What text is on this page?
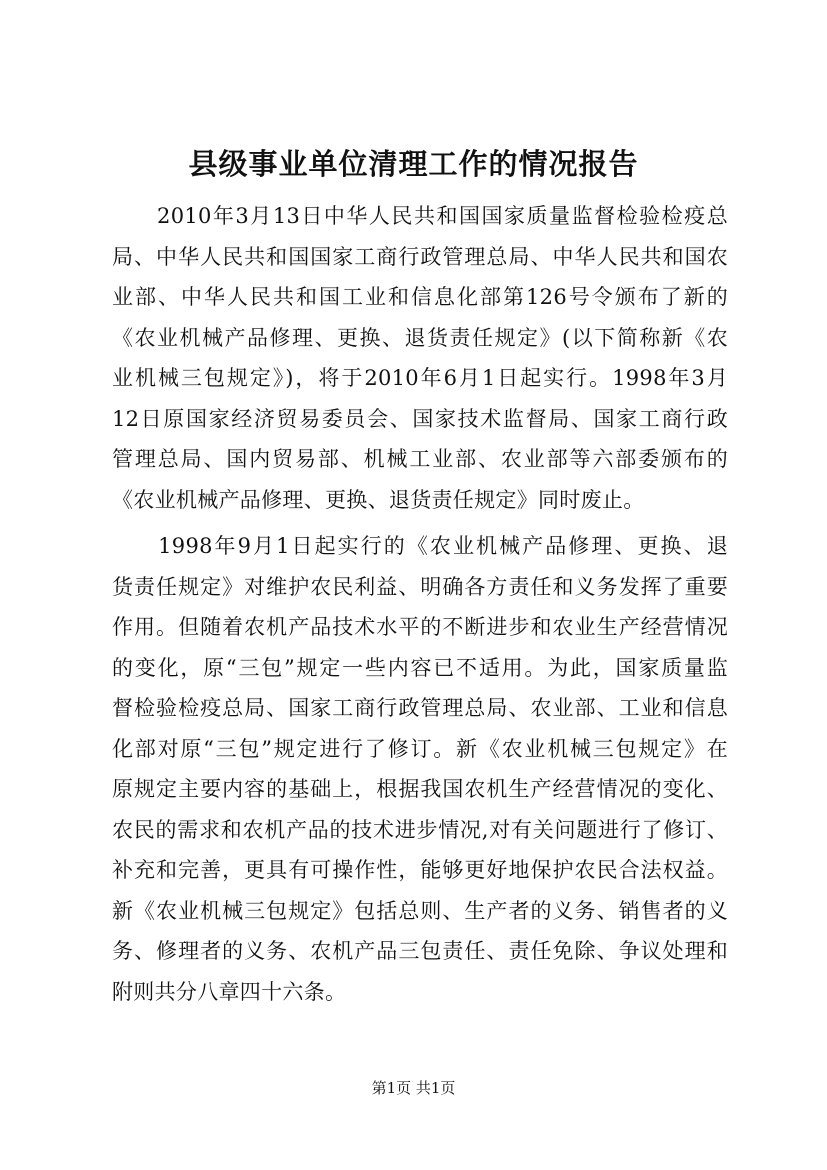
县级事业单位清理工作的情况报告

　　2010年3月13日中华人民共和国国家质量监督检验检疫总
局、中华人民共和国国家工商行政管理总局、中华人民共和国农
业部、中华人民共和国工业和信息化部第126号令颁布了新的
《农业机械产品修理、更换、退货责任规定》(以下简称新《农
业机械三包规定》)，将于2010年6月1日起实行。1998年3月
12日原国家经济贸易委员会、国家技术监督局、国家工商行政
管理总局、国内贸易部、机械工业部、农业部等六部委颁布的
《农业机械产品修理、更换、退货责任规定》同时废止。

　　1998年9月1日起实行的《农业机械产品修理、更换、退
货责任规定》对维护农民利益、明确各方责任和义务发挥了重要
作用。但随着农机产品技术水平的不断进步和农业生产经营情况
的变化，原“三包”规定一些内容已不适用。为此，国家质量监
督检验检疫总局、国家工商行政管理总局、农业部、工业和信息
化部对原“三包”规定进行了修订。新《农业机械三包规定》在
原规定主要内容的基础上，根据我国农机生产经营情况的变化、
农民的需求和农机产品的技术进步情况,对有关问题进行了修订、
补充和完善，更具有可操作性，能够更好地保护农民合法权益。
新《农业机械三包规定》包括总则、生产者的义务、销售者的义
务、修理者的义务、农机产品三包责任、责任免除、争议处理和
附则共分八章四十六条。

第1页 共1页
